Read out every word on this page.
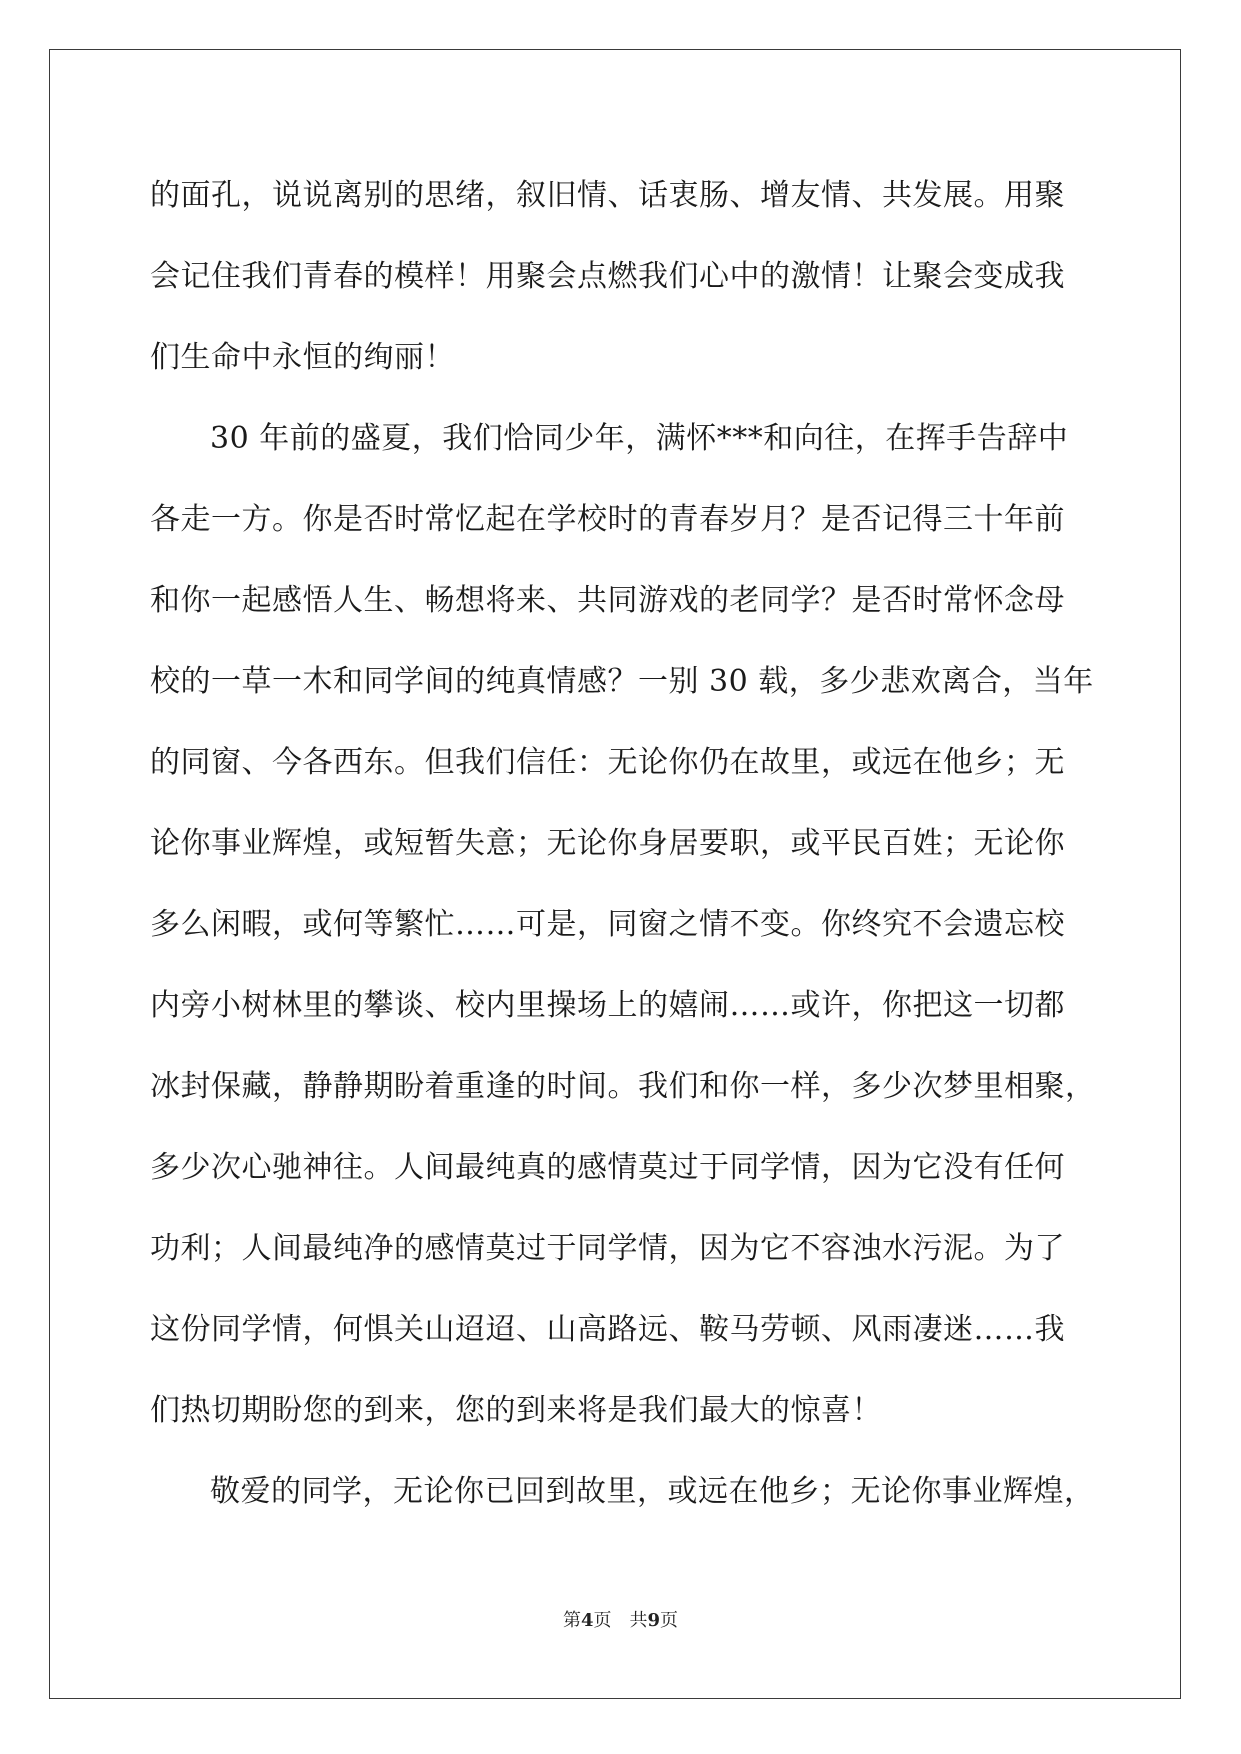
的面孔，说说离别的思绪，叙旧情、话衷肠、增友情、共发展。用聚
会记住我们青春的模样！用聚会点燃我们心中的激情！让聚会变成我
们生命中永恒的绚丽！
30 年前的盛夏，我们恰同少年，满怀***和向往，在挥手告辞中
各走一方。你是否时常忆起在学校时的青春岁月？是否记得三十年前
和你一起感悟人生、畅想将来、共同游戏的老同学？是否时常怀念母
校的一草一木和同学间的纯真情感？一别 30 载，多少悲欢离合，当年
的同窗、今各西东。但我们信任：无论你仍在故里，或远在他乡；无
论你事业辉煌，或短暂失意；无论你身居要职，或平民百姓；无论你
多么闲暇，或何等繁忙……可是，同窗之情不变。你终究不会遗忘校
内旁小树林里的攀谈、校内里操场上的嬉闹……或许，你把这一切都
冰封保藏，静静期盼着重逢的时间。我们和你一样，多少次梦里相聚，
多少次心驰神往。人间最纯真的感情莫过于同学情，因为它没有任何
功利；人间最纯净的感情莫过于同学情，因为它不容浊水污泥。为了
这份同学情，何惧关山迢迢、山高路远、鞍马劳顿、风雨凄迷……我
们热切期盼您的到来，您的到来将是我们最大的惊喜！
敬爱的同学，无论你已回到故里，或远在他乡；无论你事业辉煌，
第4页　共9页
